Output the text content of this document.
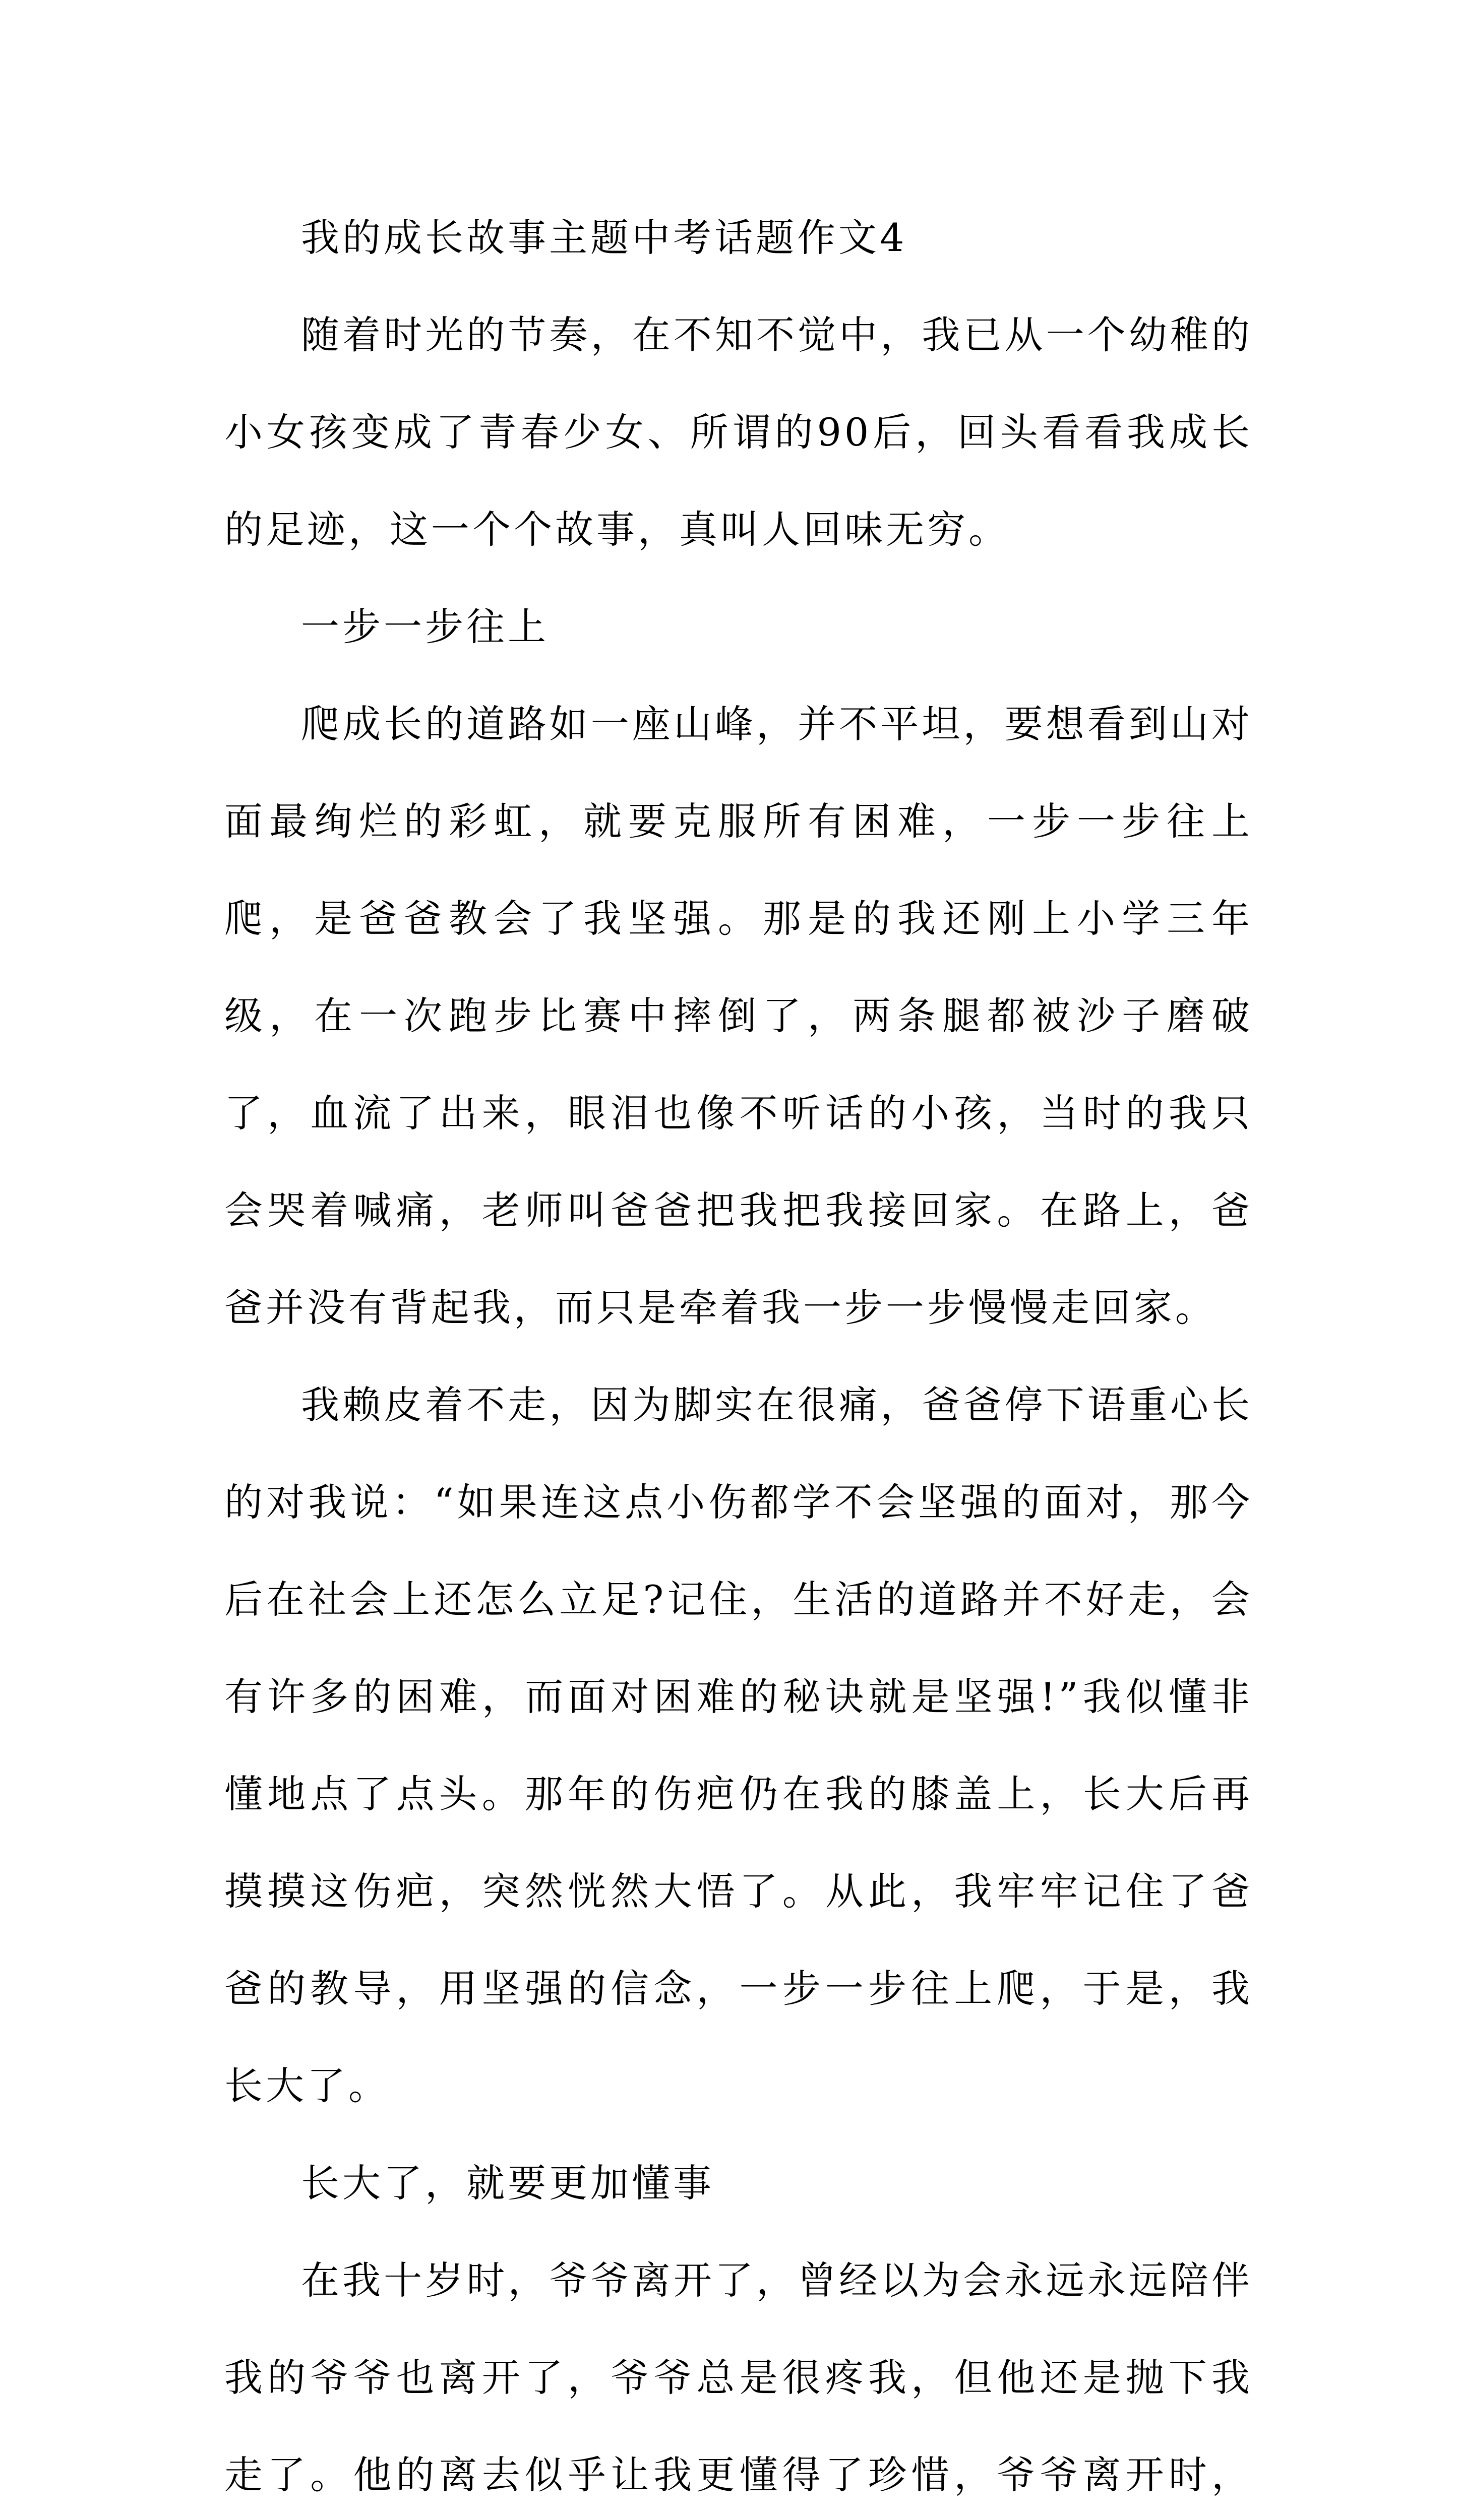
我的成长故事主题中考话题作文4

随着时光的节奏，在不知不觉中，我已从一个幼稚的小女孩变成了青春少女、所谓的90后，回头看看我成长的足迹，这一个个故事，真叫人回味无穷。

一步一步往上

爬成长的道路如一座山峰，并不平坦，要想看到山对面最绚烂的彩虹，就要克服所有困难，一步一步往上爬，是爸爸教会了我坚强。那是的我还刚上小学三年级，在一次跑步比赛中摔倒了，两条腿都被沙子磨破了，血流了出来，眼泪也像不听话的小孩，当时的我只会哭着喊痛，老师叫爸爸把我把我接回家。在路上，爸爸并没有背起我，而只是牵着我一步一步慢慢走回家。

我赖皮着不走，因为脚实在很痛，爸爸停下语重心长的对我说：“如果连这点小伤都学不会坚强的面对，那今后在社会上还怎么立足?记住，生活的道路并不好走，会有许多的困难，而面对困难的秘诀就是坚强!”我似懂非懂地点了点头。那年的伤疤仍在我的膝盖上，长大后再摸摸这伤疤，突然恍然大悟了。从此，我牢牢记住了爸爸的教导，用坚强的信念，一步一步往上爬，于是，我长大了。

长大了，就要更加懂事

在我十岁时，爷爷离开了，曾经以为会永远永远陪伴我的爷爷也离开了，爷爷总是很疼我，但他还是抛下我走了。他的离去似乎让我更懂得了珍惜，爷爷离开时，
